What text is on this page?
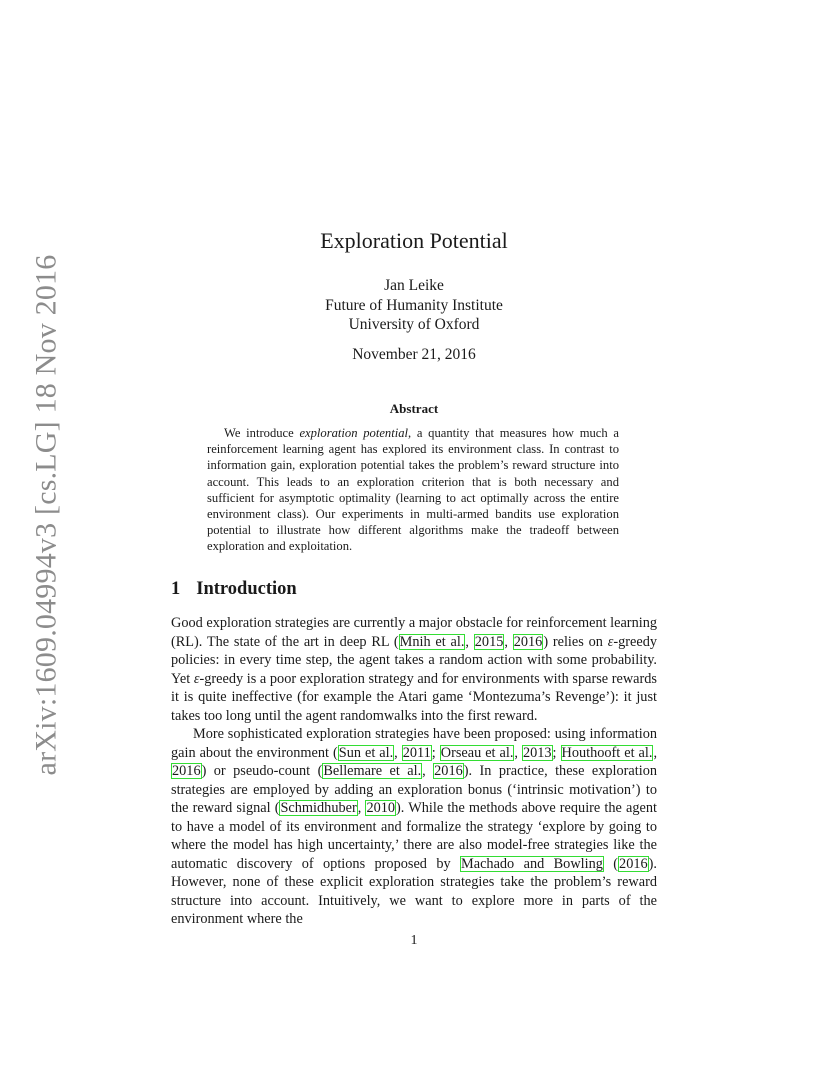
arXiv:1609.04994v3 [cs.LG] 18 Nov 2016
Exploration Potential
Jan Leike
Future of Humanity Institute
University of Oxford
November 21, 2016
Abstract

We introduce exploration potential, a quantity that measures how much a reinforcement learning agent has explored its environment class. In contrast to information gain, exploration potential takes the problem’s reward structure into account. This leads to an exploration criterion that is both necessary and sufficient for asymptotic optimality (learning to act optimally across the entire environment class). Our experiments in multi-armed bandits use exploration potential to illustrate how different algorithms make the tradeoff between exploration and exploitation.

1 Introduction

Good exploration strategies are currently a major obstacle for reinforcement learning (RL). The state of the art in deep RL (Mnih et al., 2015, 2016) relies on ε-greedy policies: in every time step, the agent takes a random action with some probability. Yet ε-greedy is a poor exploration strategy and for environments with sparse rewards it is quite ineffective (for example the Atari game ‘Montezuma’s Revenge’): it just takes too long until the agent randomwalks into the first reward.

More sophisticated exploration strategies have been proposed: using information gain about the environment (Sun et al., 2011; Orseau et al., 2013; Houthooft et al., 2016) or pseudo-count (Bellemare et al., 2016). In practice, these exploration strategies are employed by adding an exploration bonus (‘intrinsic motivation’) to the reward signal (Schmidhuber, 2010). While the methods above require the agent to have a model of its environment and formalize the strategy ‘explore by going to where the model has high uncertainty,’ there are also model-free strategies like the automatic discovery of options proposed by Machado and Bowling (2016). However, none of these explicit exploration strategies take the problem’s reward structure into account. Intuitively, we want to explore more in parts of the environment where the

1
